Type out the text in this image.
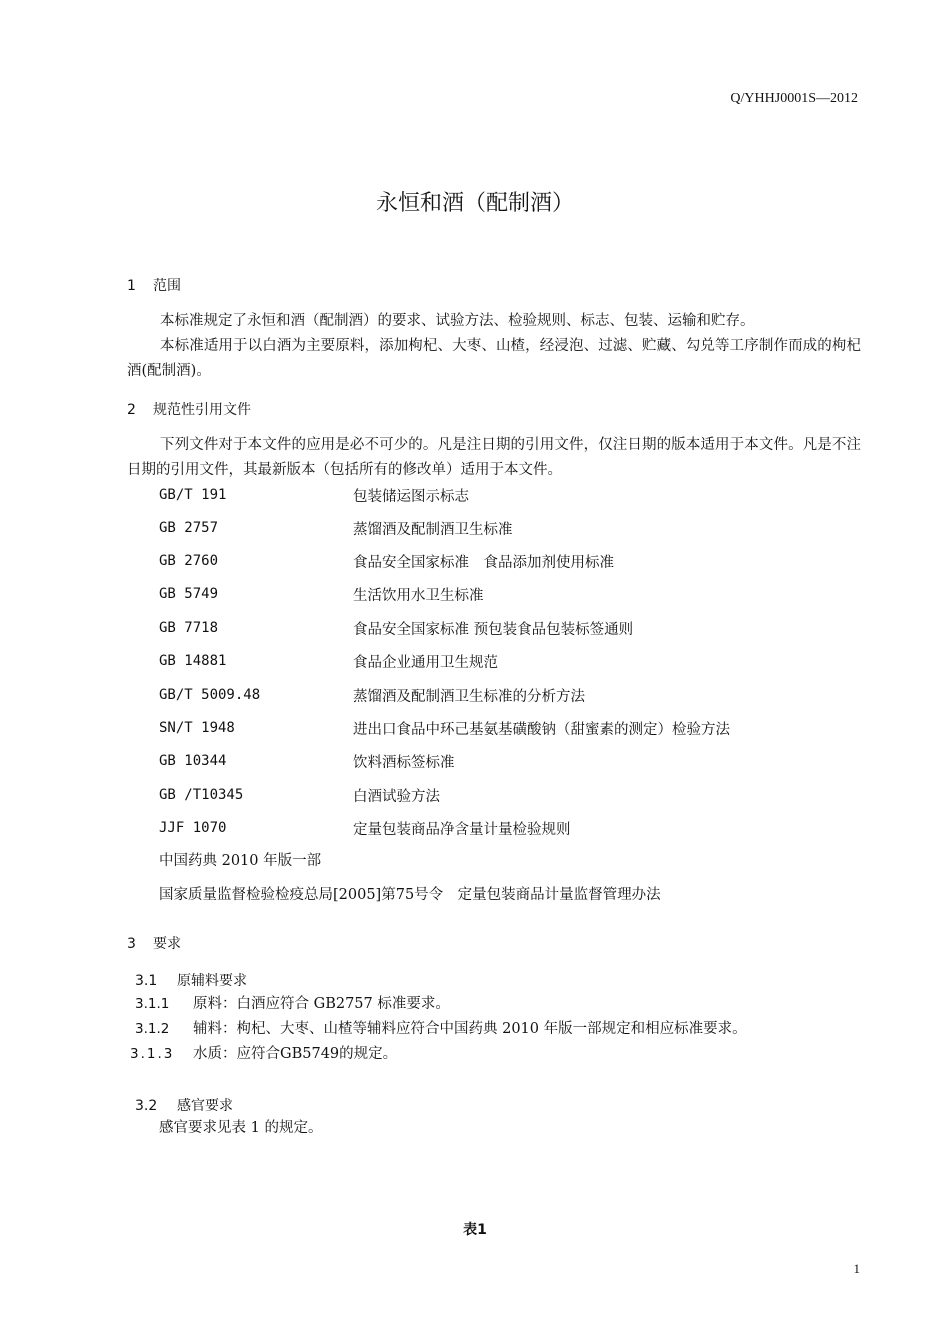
Q/YHHJ0001S—2012
永恒和酒（配制酒）
1 范围
本标准规定了永恒和酒（配制酒）的要求、试验方法、检验规则、标志、包装、运输和贮存。
本标准适用于以白酒为主要原料，添加枸杞、大枣、山楂，经浸泡、过滤、贮藏、勾兑等工序制作而成的枸杞酒(配制酒)。
2 规范性引用文件
下列文件对于本文件的应用是必不可少的。凡是注日期的引用文件，仅注日期的版本适用于本文件。凡是不注日期的引用文件，其最新版本（包括所有的修改单）适用于本文件。
GB/T 191	包装储运图示标志
GB 2757	蒸馏酒及配制酒卫生标准
GB 2760	食品安全国家标准　食品添加剂使用标准
GB 5749	生活饮用水卫生标准
GB 7718	食品安全国家标准 预包装食品包装标签通则
GB 14881	食品企业通用卫生规范
GB/T 5009.48	蒸馏酒及配制酒卫生标准的分析方法
SN/T 1948	进出口食品中环己基氨基磺酸钠（甜蜜素的测定）检验方法
GB 10344	饮料酒标签标准
GB /T10345	白酒试验方法
JJF 1070	定量包装商品净含量计量检验规则
中国药典 2010 年版一部
国家质量监督检验检疫总局[2005]第75号令　定量包装商品计量监督管理办法
3 要求
3.1 原辅料要求
3.1.1 原料：白酒应符合 GB2757 标准要求。
3.1.2 辅料：枸杞、大枣、山楂等辅料应符合中国药典 2010 年版一部规定和相应标准要求。
3.1.3 水质：应符合GB5749的规定。
3.2 感官要求
感官要求见表 1 的规定。
表1
1
